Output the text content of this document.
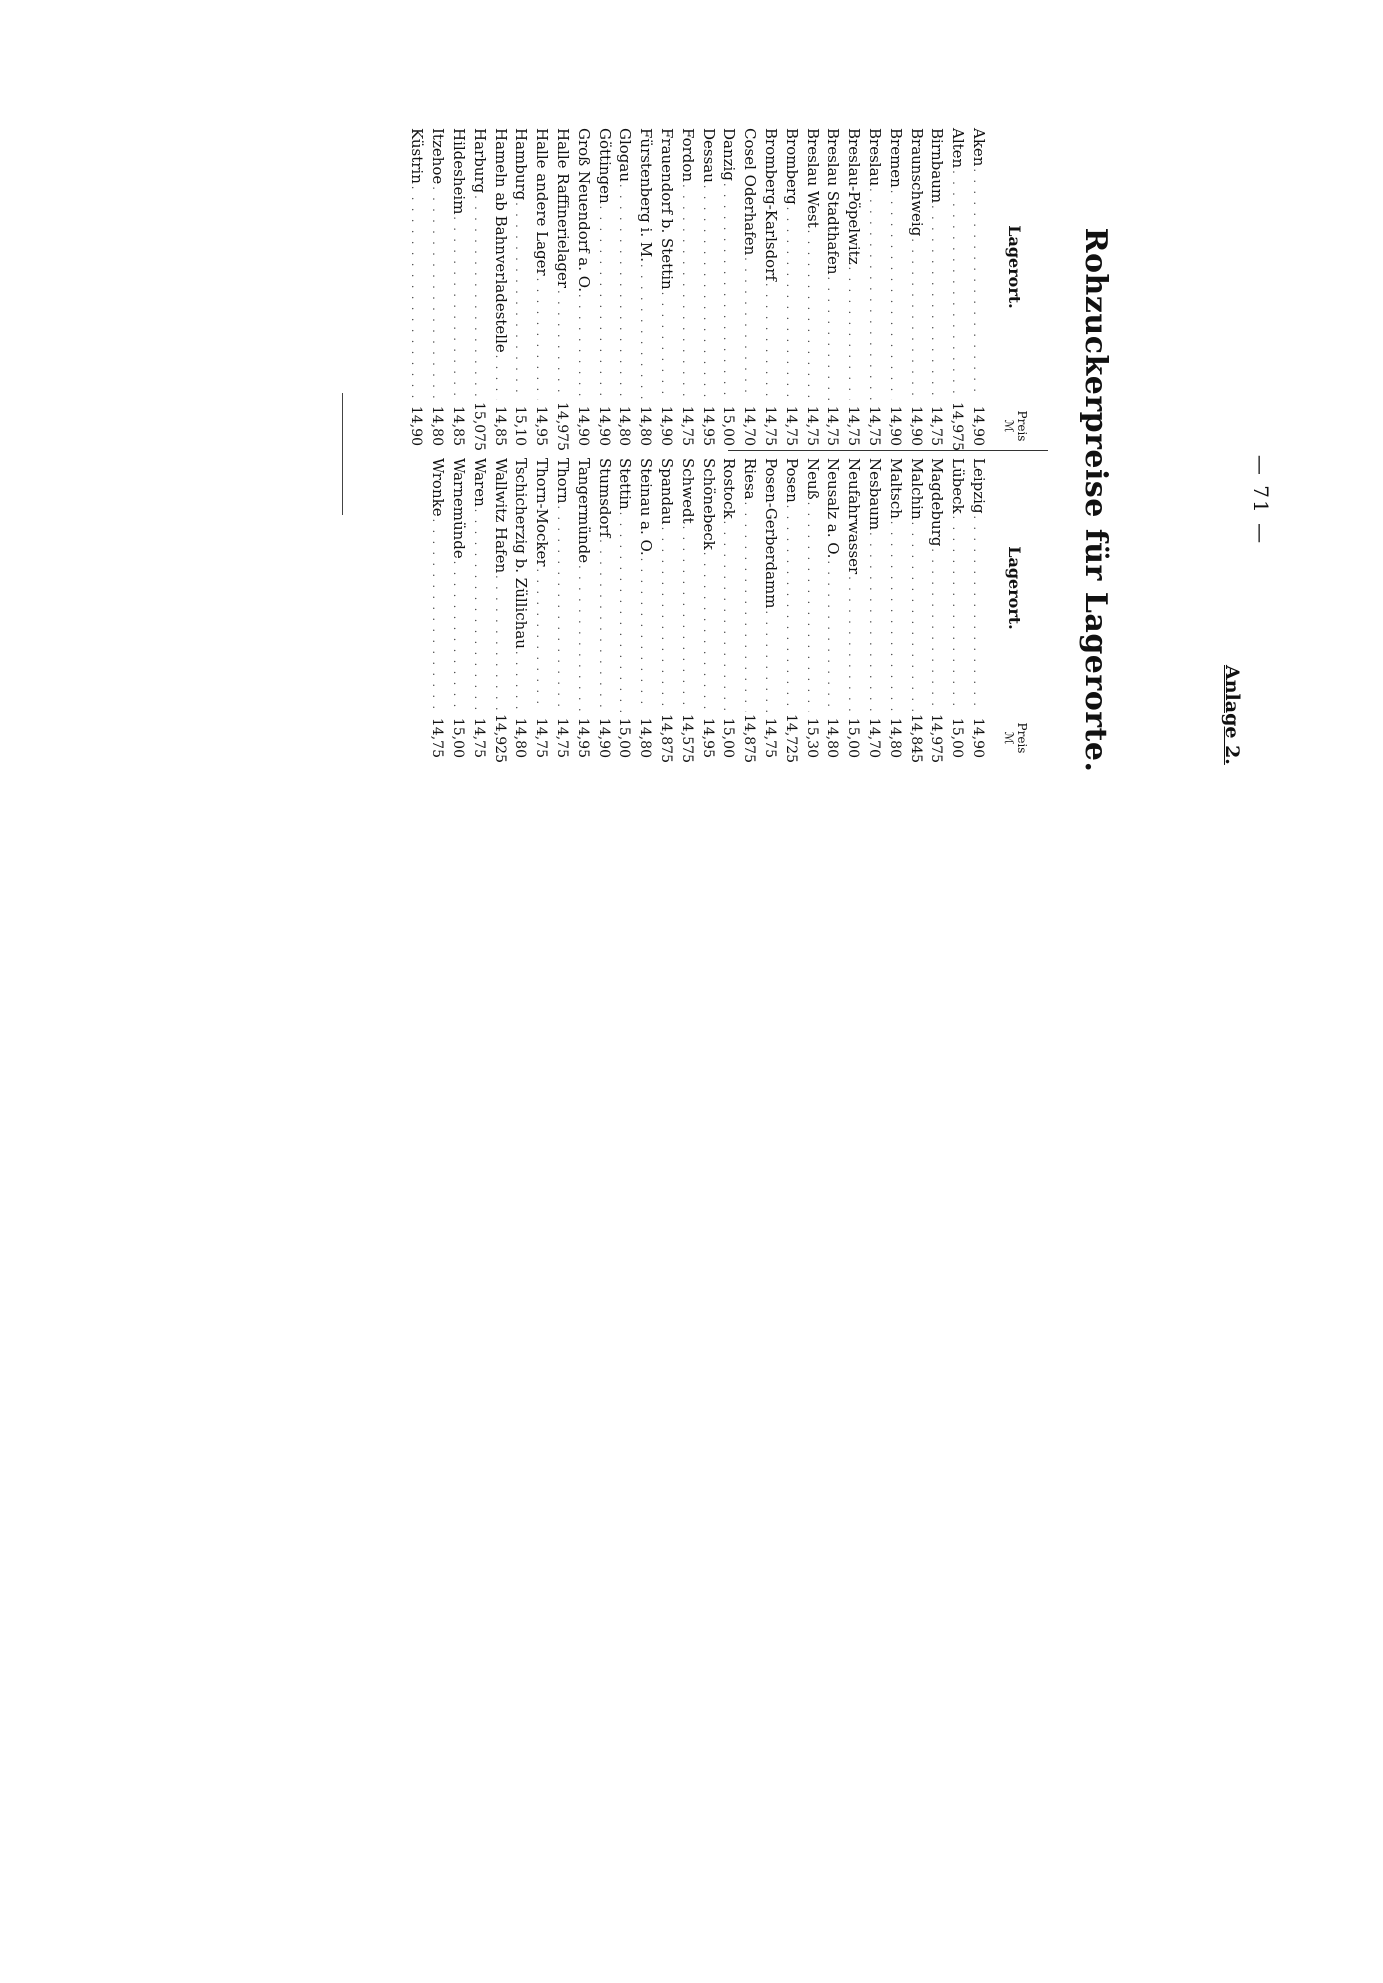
— 71 —
Anlage 2.
Rohzuckerpreise für Lagerorte.
Lagerort.
Preis
ℳ
Aken
. . .
14,90
Alten
. . .
14,975
Birnbaum
. . .
14,75
Braunschweig
. . .
14,90
Bremen
. . .
14,90
Breslau
. . .
14,75
Breslau-Pöpelwitz
. . .
14,75
Breslau Stadthafen
. . .
14,75
Breslau West
. . .
14,75
Bromberg
. . .
14,75
Bromberg-Karlsdorf
. . .
14,75
Cosel Oderhafen
. . .
14,70
Danzig
. . .
15,00
Dessau
. . .
14,95
Fordon
. . .
14,75
Frauendorf b. Stettin
. . .
14,90
Fürstenberg i. M.
. . .
14,80
Glogau
. . .
14,80
Göttingen
. . .
14,90
Groß Neuendorf a. O.
. . .
14,90
Halle Raffinerielager
. . .
14,975
Halle andere Lager
. . .
14,95
Hamburg
. . .
15,10
Hameln ab Bahnverladestelle
. . .
14,85
Harburg
. . .
15,075
Hildesheim
. . .
14,85
Itzehoe
. . .
14,80
Küstrin
. . .
14,90
Lagerort.
Preis
ℳ
Leipzig
. . .
14,90
Lübeck
. . .
15,00
Magdeburg
. . .
14,975
Malchin
. . .
14,845
Maltsch
. . .
14,80
Nesbaum
. . .
14,70
Neufahrwasser
. . .
15,00
Neusalz a. O.
. . .
14,80
Neuß
. . .
15,30
Posen
. . .
14,725
Posen-Gerberdamm
. . .
14,75
Riesa
. . .
14,875
Rostock
. . .
15,00
Schönebeck
. . .
14,95
Schwedt
. . .
14,575
Spandau
. . .
14,875
Steinau a. O.
. . .
14,80
Stettin
. . .
15,00
Stumsdorf
. . .
14,90
Tangermünde
. . .
14,95
Thorn
. . .
14,75
Thorn-Mocker
. . .
14,75
Tschicherzig b. Züllichau
. . .
14,80
Wallwitz Hafen
. . .
14,925
Waren
. . .
14,75
Warnemünde
. . .
15,00
Wronke
. . .
14,75
